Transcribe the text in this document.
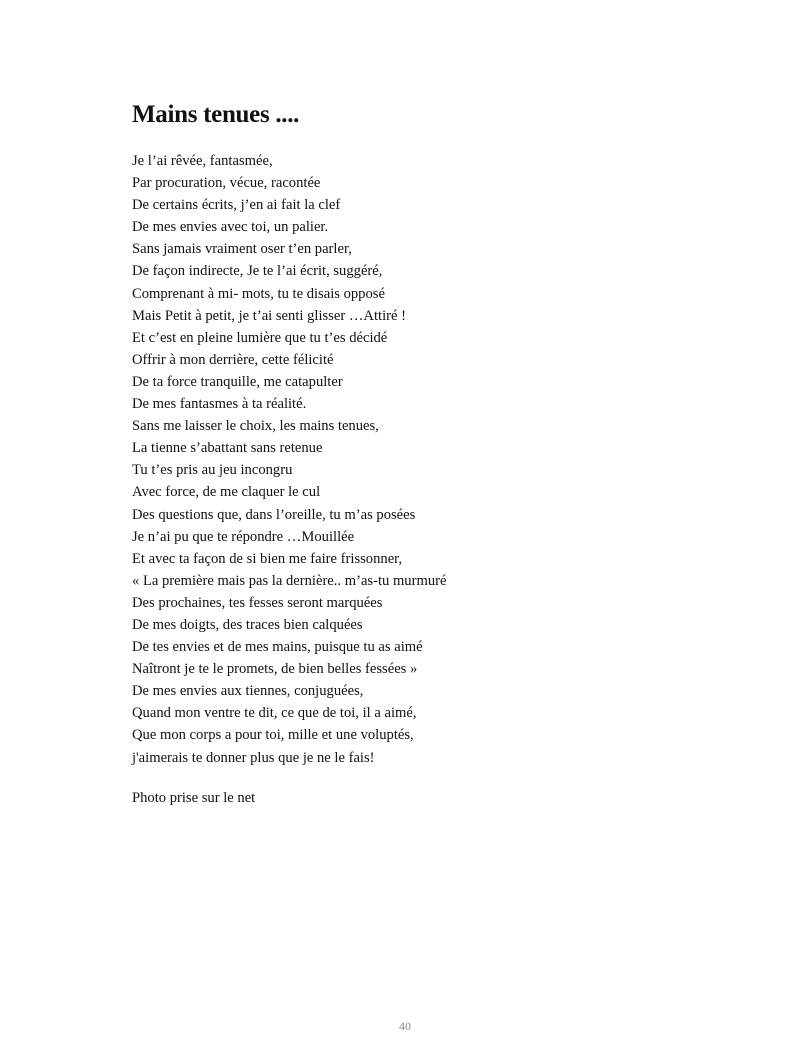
Mains tenues ....
Je l’ai rêvée, fantasmée,
Par procuration, vécue, racontée
De certains écrits, j’en ai fait la clef
De mes envies avec toi, un palier.
Sans jamais vraiment oser t’en parler,
De façon indirecte, Je te l’ai écrit, suggéré,
Comprenant à mi- mots, tu te disais opposé
Mais Petit à petit, je t’ai senti glisser …Attiré !
Et c’est en pleine lumière que tu t’es décidé
Offrir à mon derrière, cette félicité
De ta force tranquille, me catapulter
De mes fantasmes à ta réalité.
Sans me laisser le choix, les mains tenues,
La tienne s’abattant sans retenue
Tu t’es pris au jeu incongru
Avec force, de me claquer le cul
Des questions que, dans l’oreille, tu m’as posées
Je n’ai pu que te répondre …Mouillée
Et avec ta façon de si bien me faire frissonner,
« La première mais pas la dernière.. m’as-tu murmuré
Des prochaines, tes fesses seront marquées
De mes doigts, des traces bien calquées
De tes envies et de mes mains, puisque tu as aimé
Naîtront je te le promets, de bien belles fessées »
De mes envies aux tiennes, conjuguées,
Quand mon ventre te dit, ce que de toi, il a aimé,
Que mon corps a pour toi, mille et une voluptés,
j'aimerais te donner plus que je ne le fais!
Photo prise sur le net
40
